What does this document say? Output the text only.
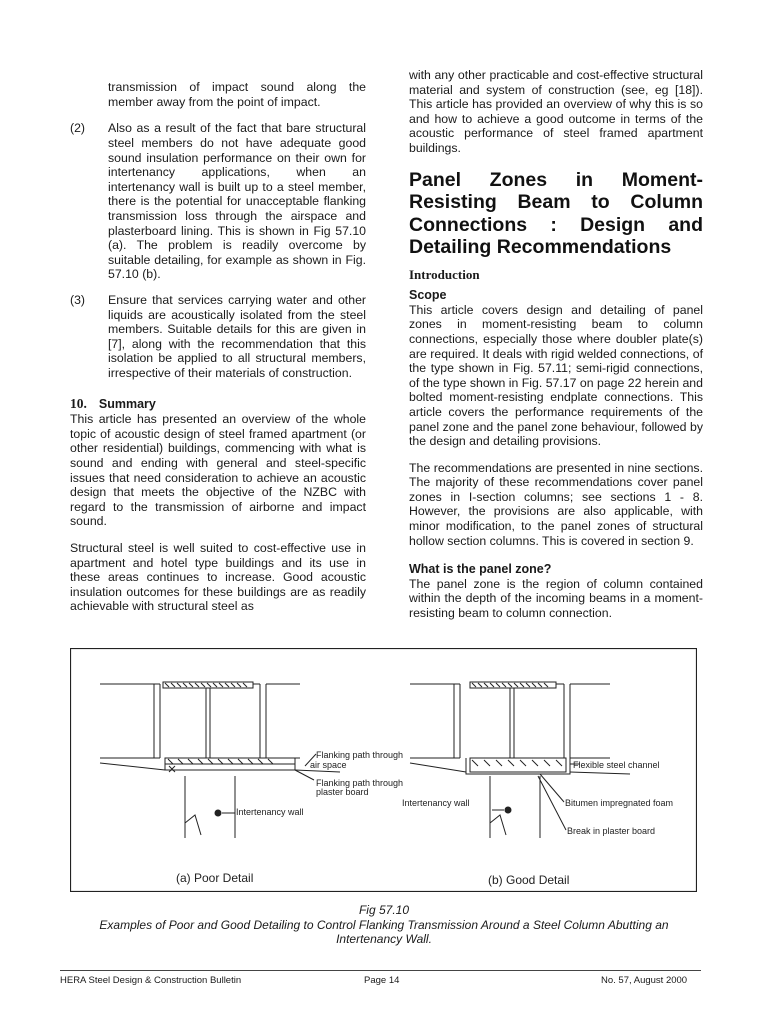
transmission of impact sound along the member away from the point of impact.

(2)	Also as a result of the fact that bare structural steel members do not have adequate good sound insulation performance on their own for intertenancy applications, when an intertenancy wall is built up to a steel member, there is the potential for unacceptable flanking transmission loss through the airspace and plasterboard lining. This is shown in Fig 57.10 (a). The problem is readily overcome by suitable detailing, for example as shown in Fig. 57.10 (b).
(3)	Ensure that services carrying water and other liquids are acoustically isolated from the steel members. Suitable details for this are given in [7], along with the recommendation that this isolation be applied to all structural members, irrespective of their materials of construction.
10. Summary

This article has presented an overview of the whole topic of acoustic design of steel framed apartment (or other residential) buildings, commencing with what is sound and ending with general and steel-specific issues that need consideration to achieve an acoustic design that meets the objective of the NZBC with regard to the transmission of airborne and impact sound.

Structural steel is well suited to cost-effective use in apartment and hotel type buildings and its use in these areas continues to increase. Good acoustic insulation outcomes for these buildings are as readily achievable with structural steel as

with any other practicable and cost-effective structural material and system of construction (see, eg [18]). This article has provided an overview of why this is so and how to achieve a good outcome in terms of the acoustic performance of steel framed apartment buildings.

Panel Zones in Moment-
Resisting Beam to Column
Connections : Design and
Detailing Recommendations
Introduction
Scope

This article covers design and detailing of panel zones in moment-resisting beam to column connections, especially those where doubler plate(s) are required. It deals with rigid welded connections, of the type shown in Fig. 57.11; semi-rigid connections, of the type shown in Fig. 57.17 on page 22 herein and bolted moment-resisting endplate connections. This article covers the performance requirements of the panel zone and the panel zone behaviour, followed by the design and detailing provisions.

The recommendations are presented in nine sections. The majority of these recommendations cover panel zones in I-section columns; see sections 1 - 8. However, the provisions are also applicable, with minor modification, to the panel zones of structural hollow section columns. This is covered in section 9.

What is the panel zone?

The panel zone is the region of column contained within the depth of the incoming beams in a moment-resisting beam to column connection.

Flanking path through
air space
Flanking path through
plaster board
Intertenancy wall
(a) Poor Detail
Flexible steel channel
Intertenancy wall	Bitumen impregnated foam
Break in plaster board
(b) Good Detail
Fig 57.10
Examples of Poor and Good Detailing to Control Flanking Transmission Around a Steel Column Abutting an
Intertenancy Wall.
HERA Steel Design & Construction Bulletin	Page 14	No. 57, August 2000
